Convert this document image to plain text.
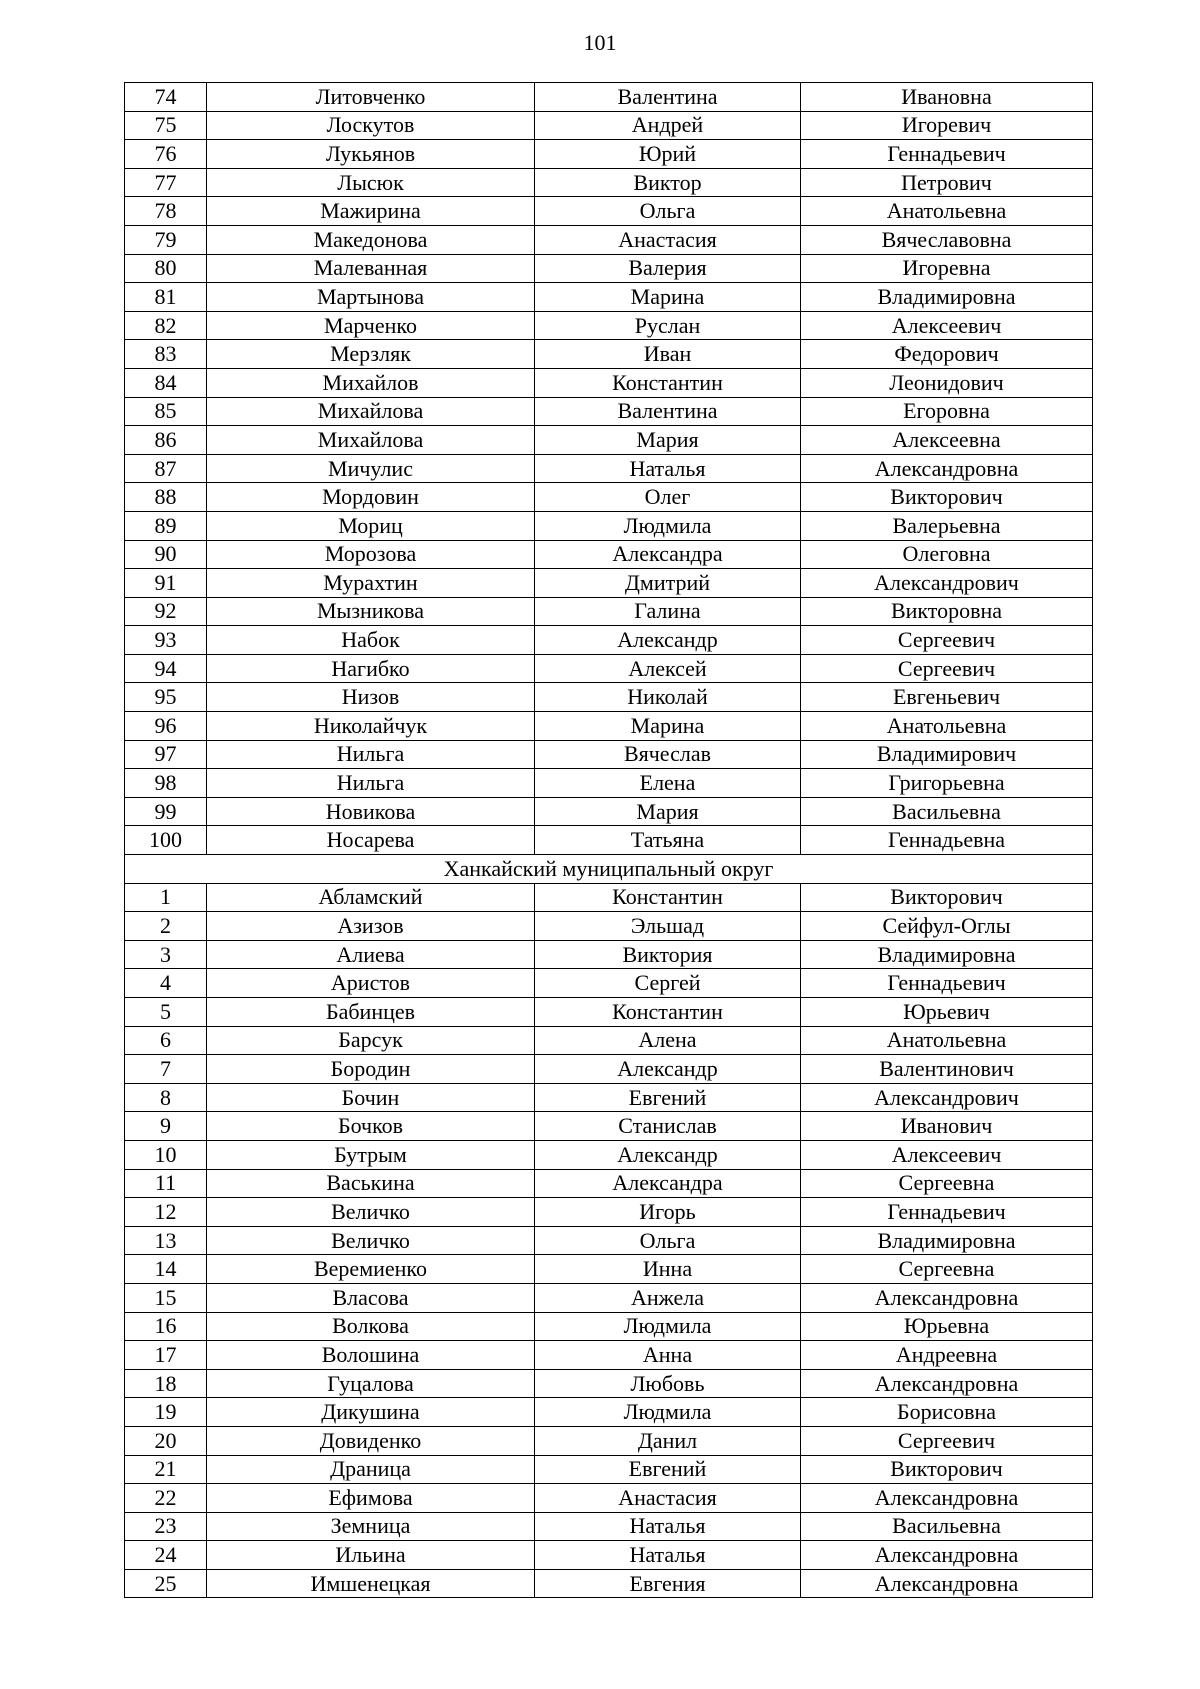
101
74	Литовченко	Валентина	Ивановна
75	Лоскутов	Андрей	Игоревич
76	Лукьянов	Юрий	Геннадьевич
77	Лысюк	Виктор	Петрович
78	Мажирина	Ольга	Анатольевна
79	Македонова	Анастасия	Вячеславовна
80	Малеванная	Валерия	Игоревна
81	Мартынова	Марина	Владимировна
82	Марченко	Руслан	Алексеевич
83	Мерзляк	Иван	Федорович
84	Михайлов	Константин	Леонидович
85	Михайлова	Валентина	Егоровна
86	Михайлова	Мария	Алексеевна
87	Мичулис	Наталья	Александровна
88	Мордовин	Олег	Викторович
89	Мориц	Людмила	Валерьевна
90	Морозова	Александра	Олеговна
91	Мурахтин	Дмитрий	Александрович
92	Мызникова	Галина	Викторовна
93	Набок	Александр	Сергеевич
94	Нагибко	Алексей	Сергеевич
95	Низов	Николай	Евгеньевич
96	Николайчук	Марина	Анатольевна
97	Нильга	Вячеслав	Владимирович
98	Нильга	Елена	Григорьевна
99	Новикова	Мария	Васильевна
100	Носарева	Татьяна	Геннадьевна
Ханкайский муниципальный округ			
1	Абламский	Константин	Викторович
2	Азизов	Эльшад	Сейфул-Оглы
3	Алиева	Виктория	Владимировна
4	Аристов	Сергей	Геннадьевич
5	Бабинцев	Константин	Юрьевич
6	Барсук	Алена	Анатольевна
7	Бородин	Александр	Валентинович
8	Бочин	Евгений	Александрович
9	Бочков	Станислав	Иванович
10	Бутрым	Александр	Алексеевич
11	Васькина	Александра	Сергеевна
12	Величко	Игорь	Геннадьевич
13	Величко	Ольга	Владимировна
14	Веремиенко	Инна	Сергеевна
15	Власова	Анжела	Александровна
16	Волкова	Людмила	Юрьевна
17	Волошина	Анна	Андреевна
18	Гуцалова	Любовь	Александровна
19	Дикушина	Людмила	Борисовна
20	Довиденко	Данил	Сергеевич
21	Драница	Евгений	Викторович
22	Ефимова	Анастасия	Александровна
23	Земница	Наталья	Васильевна
24	Ильина	Наталья	Александровна
25	Имшенецкая	Евгения	Александровна
